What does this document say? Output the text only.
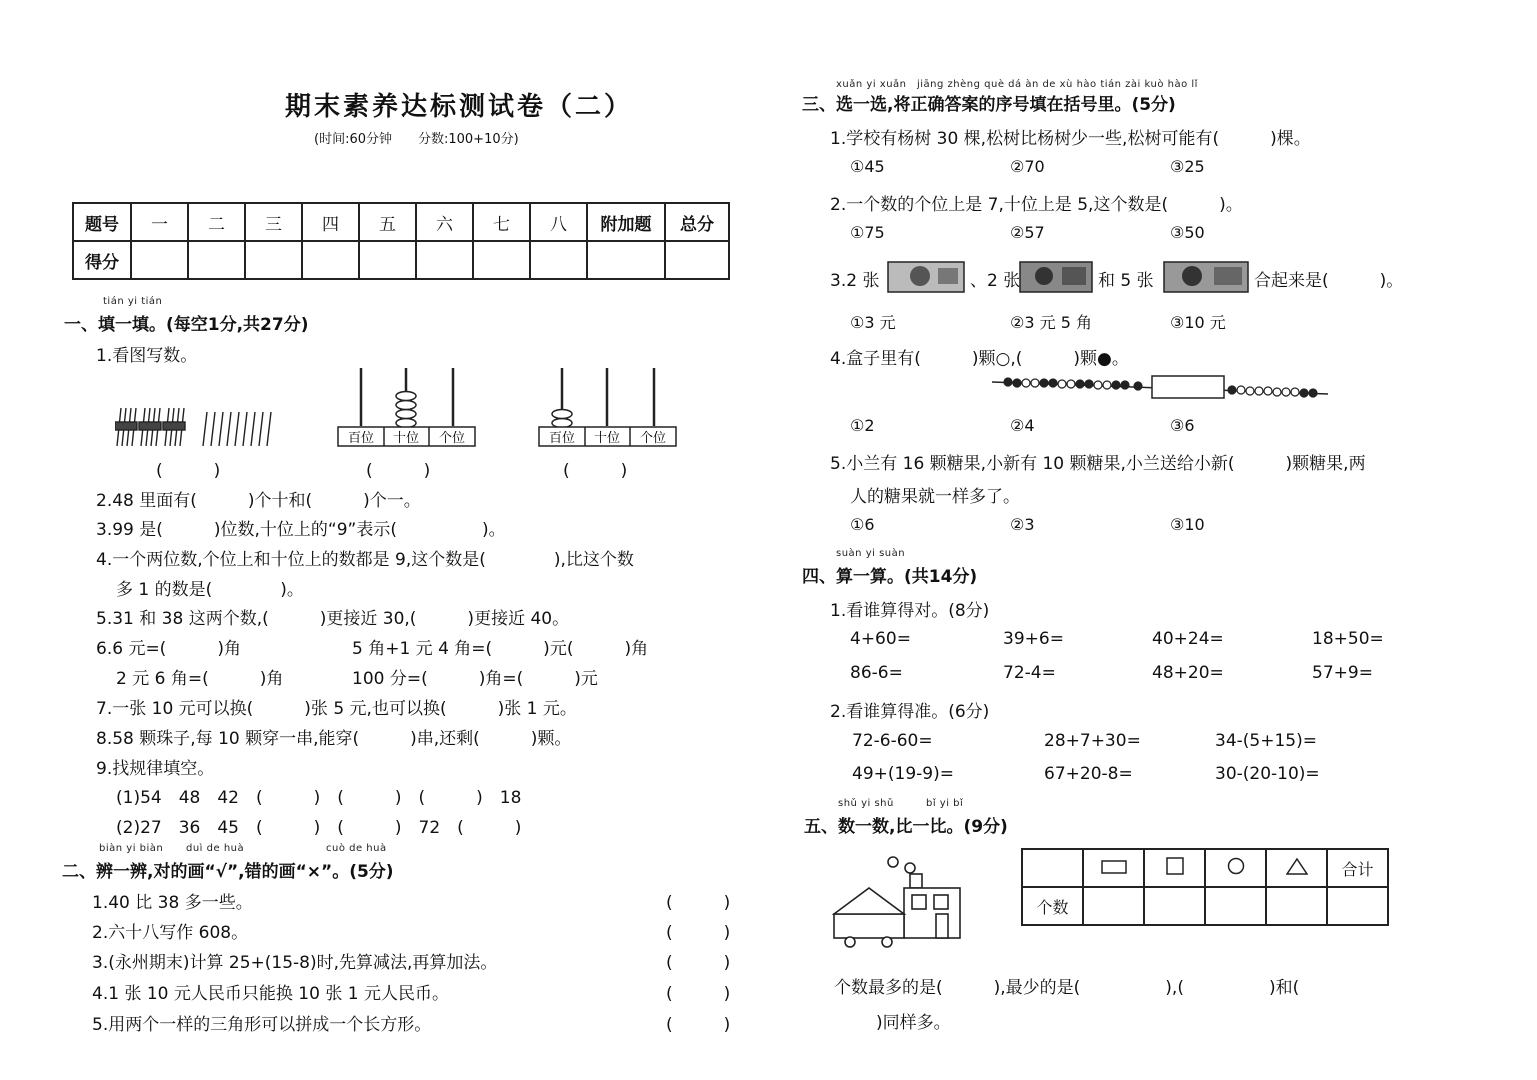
期末素养达标测试卷（二）
(时间:60分钟　　分数:100+10分)
题号	一	二	三	四	五	六	七	八	附加题	总分
得分										
tián yi tián
一、填一填。(每空1分,共27分)
1.看图写数。
百位 十位 个位	百位 十位 个位
(　　　)	(　　　)	(　　　)
2.48 里面有(　　　)个十和(　　　)个一。
3.99 是(　　　)位数,十位上的“9”表示(　　　　　)。
4.一个两位数,个位上和十位上的数都是 9,这个数是(　　　　),比这个数
多 1 的数是(　　　　)。
5.31 和 38 这两个数,(　　　)更接近 30,(　　　)更接近 40。
6.6 元=(　　　)角	5 角+1 元 4 角=(　　　)元(　　　)角
2 元 6 角=(　　　)角	100 分=(　　　)角=(　　　)元
7.一张 10 元可以换(　　　)张 5 元,也可以换(　　　)张 1 元。
8.58 颗珠子,每 10 颗穿一串,能穿(　　　)串,还剩(　　　)颗。
9.找规律填空。
(1)54　48　42　(　　　)　(　　　)　(　　　)　18
(2)27　36　45　(　　　)　(　　　)　72　(　　　)
biàn yi biàn duì de huà	cuò de huà
二、辨一辨,对的画“√”,错的画“×”。(5分)
1.40 比 38 多一些。	(　　　)
2.六十八写作 608。	(　　　)
3.(永州期末)计算 25+(15-8)时,先算减法,再算加法。	(　　　)
4.1 张 10 元人民币只能换 10 张 1 元人民币。	(　　　)
5.用两个一样的三角形可以拼成一个长方形。	(　　　)
xuǎn yi xuǎn　jiāng zhèng què dá àn de xù hào tián zài kuò hào lǐ
三、选一选,将正确答案的序号填在括号里。(5分)
1.学校有杨树 30 棵,松树比杨树少一些,松树可能有(　　　)棵。
①45	②70	③25
2.一个数的个位上是 7,十位上是 5,这个数是(　　　)。
①75	②57	③50
3.2 张	、2 张	和 5 张	合起来是(　　　)。
①3 元	②3 元 5 角	③10 元
4.盒子里有(　　　)颗○,(　　　)颗●。
①2	②4	③6
5.小兰有 16 颗糖果,小新有 10 颗糖果,小兰送给小新(　　　)颗糖果,两
人的糖果就一样多了。
①6	②3	③10
suàn yi suàn
四、算一算。(共14分)
1.看谁算得对。(8分)
4+60=	39+6=	40+24=	18+50=
86-6=	72-4=	48+20=	57+9=
2.看谁算得准。(6分)
72-6-60=	28+7+30=	34-(5+15)=
49+(19-9)=	67+20-8=	30-(20-10)=
shǔ yi shǔ	bǐ yi bǐ
五、数一数,比一比。(9分)
					合计
个数					
个数最多的是(　　　),最少的是(　　　　　),(　　　　　)和(
)同样多。
